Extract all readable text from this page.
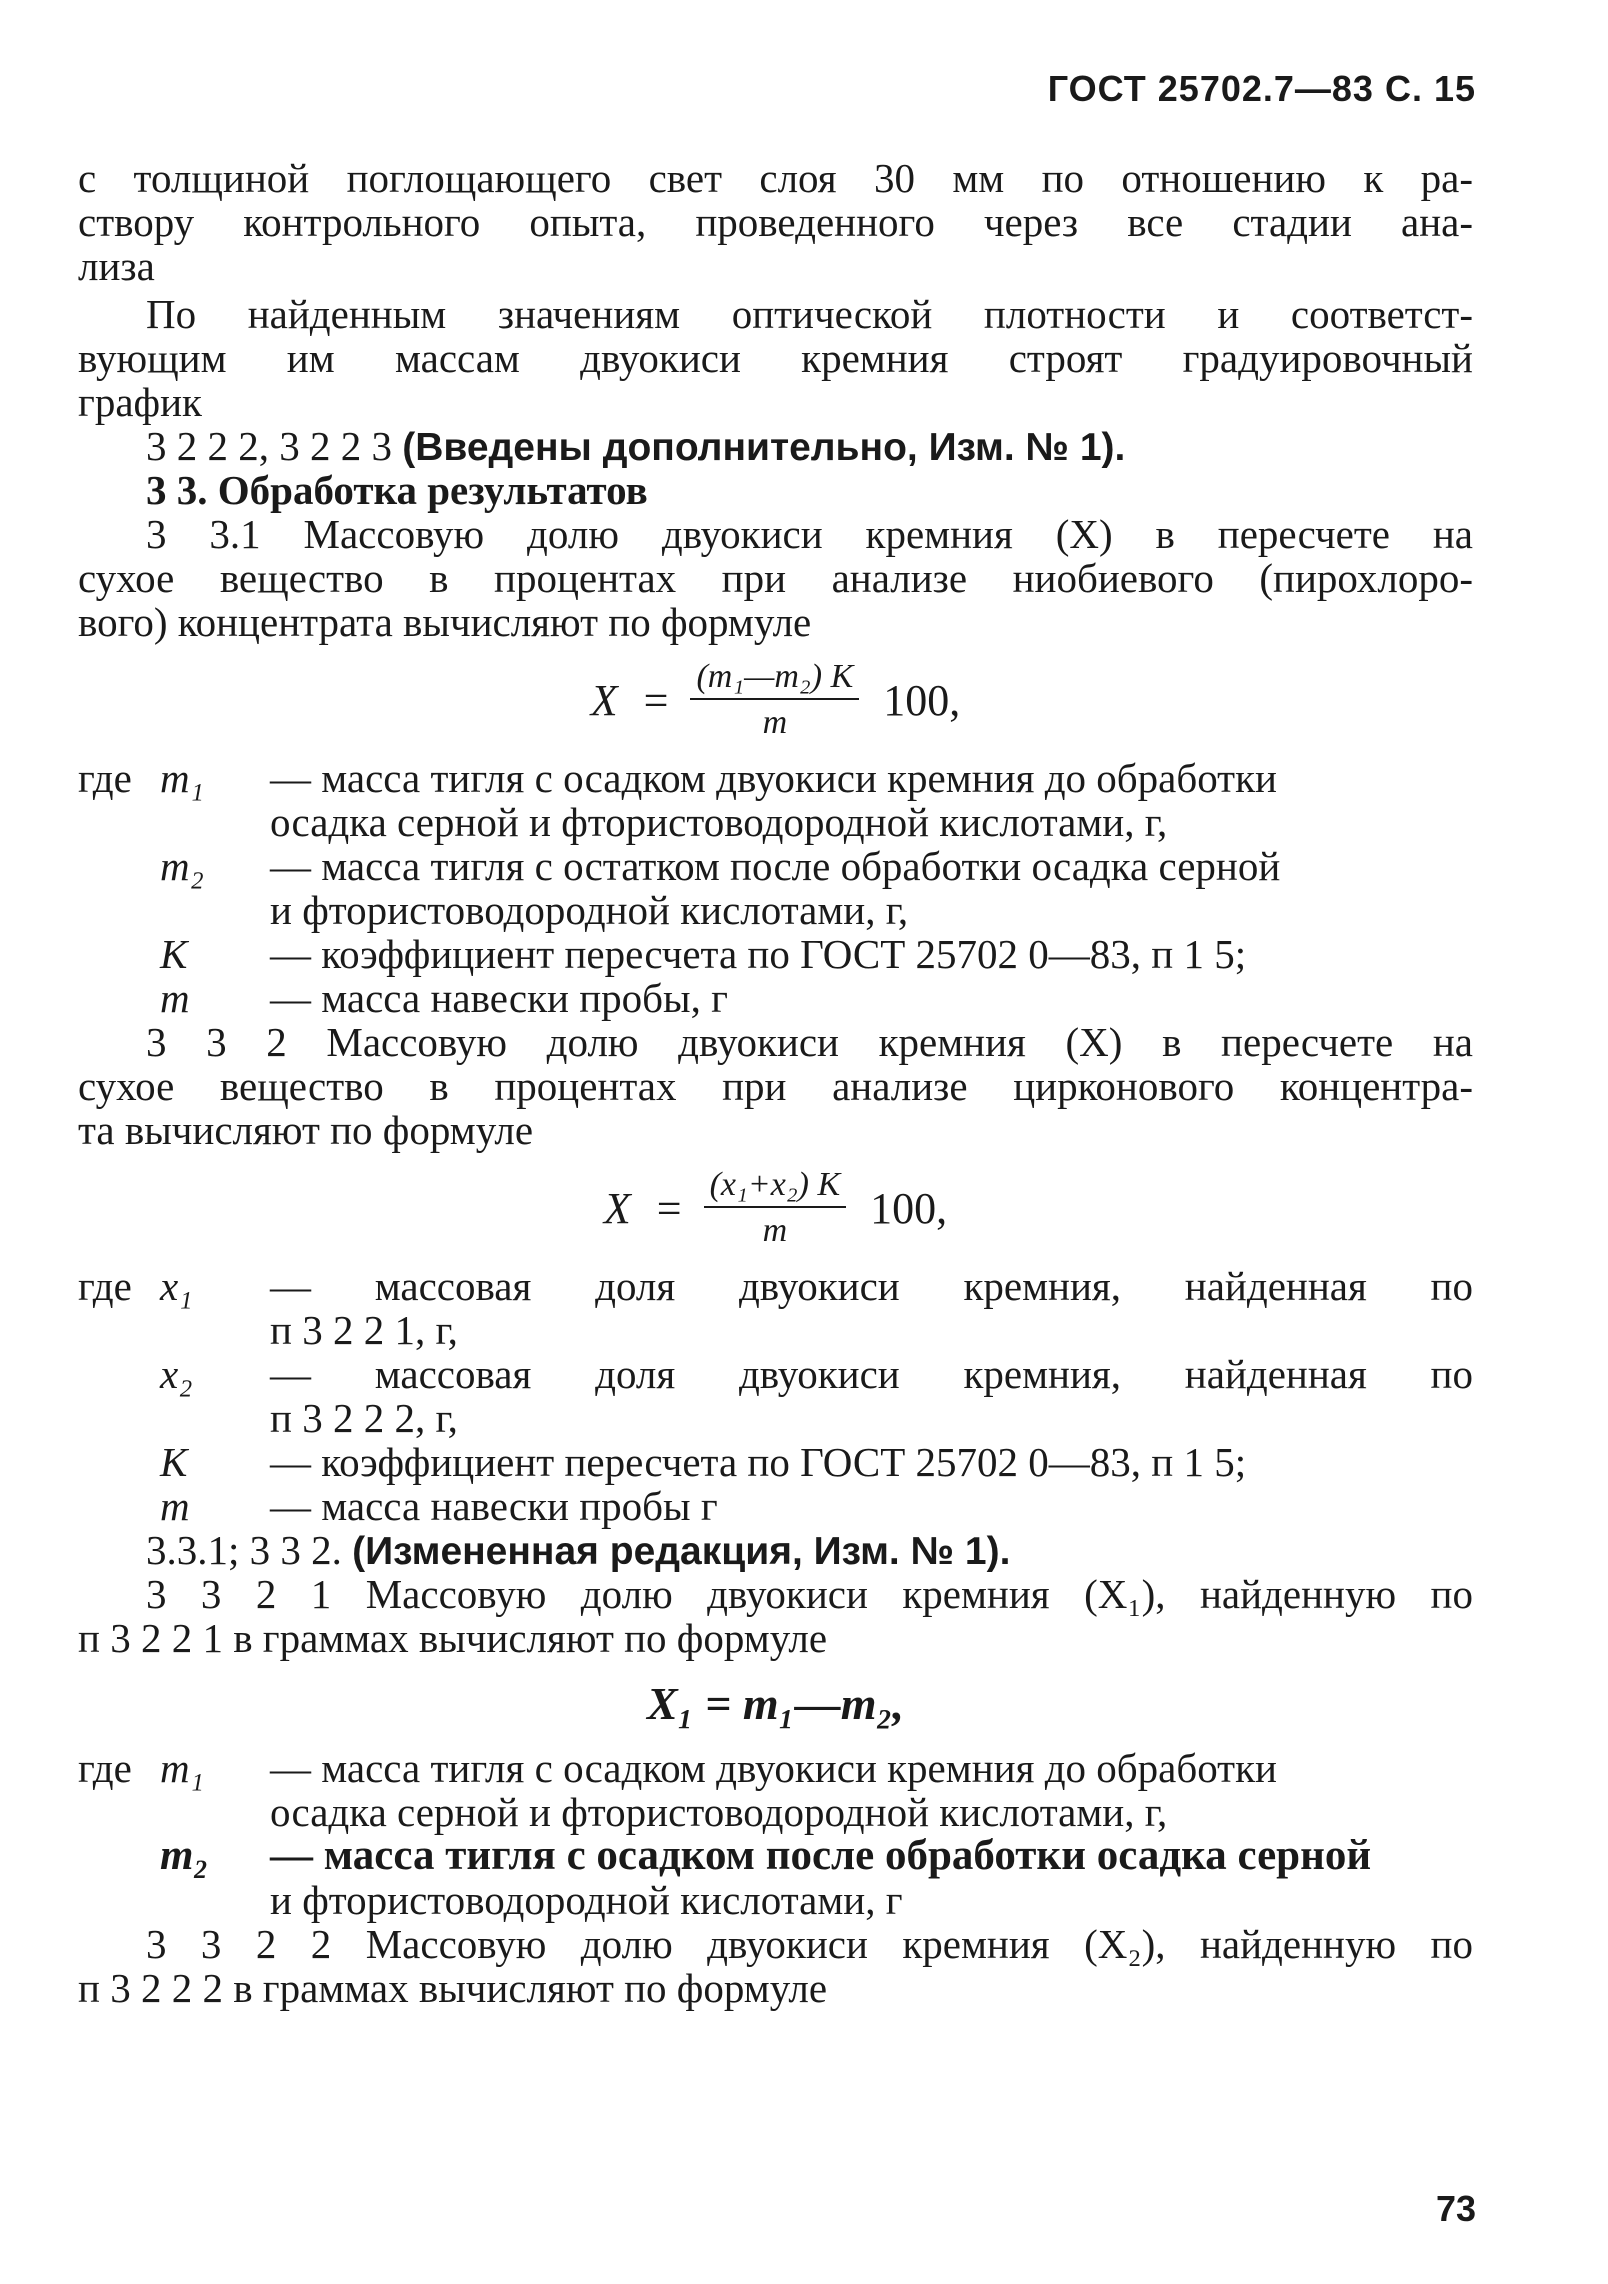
ГОСТ 25702.7—83 С. 15
с толщиной поглощающего свет слоя 30 мм по отношению к ра-
створу контрольного опыта, проведенного через все стадии ана-
лиза
По найденным значениям оптической плотности и соответст-
вующим им массам двуокиси кремния строят градуировочный
график
3 2 2 2, 3 2 2 3 (Введены дополнительно, Изм. № 1).
3 3. Обработка результатов
3 3.1 Массовую долю двуокиси кремния (X) в пересчете на
сухое вещество в процентах при анализе ниобиевого (пирохлоро-
вого) концентрата вычисляют по формуле
$X = \frac{\text{(m₁—m₂) K}}{m} 100$,
где m₁	— масса тигля с осадком двуокиси кремния до обработки
осадка серной и фтористоводородной кислотами, г,
m₂	— масса тигля с остатком после обработки осадка серной
и фтористоводородной кислотами, г,
K	— коэффициент пересчета по ГОСТ 25702 0—83, п 1 5;
m	— масса навески пробы, г
3 3 2 Массовую долю двуокиси кремния (X) в пересчете на
сухое вещество в процентах при анализе цирконового концентра-
та вычисляют по формуле
$X = \frac{\text{(x₁+x₂) K}}{m} 100$,
где x₁	— массовая доля двуокиси кремния, найденная по
п 3 2 2 1, г,
x₂	— массовая доля двуокиси кремния, найденная по
п 3 2 2 2, г,
K	— коэффициент пересчета по ГОСТ 25702 0—83, п 1 5;
m	— масса навески пробы г
3.3.1; 3 3 2. (Измененная редакция, Изм. № 1).
3 3 2 1 Массовую долю двуокиси кремния (X₁), найденную по
п 3 2 2 1 в граммах вычисляют по формуле
X₁ = m₁—m₂,
где m₁	— масса тигля с осадком двуокиси кремния до обработки
осадка серной и фтористоводородной кислотами, г,
m₂	— масса тигля с осадком после обработки осадка серной
и фтористоводородной кислотами, г
3 3 2 2 Массовую долю двуокиси кремния (X₂), найденную по
п 3 2 2 2 в граммах вычисляют по формуле
73
